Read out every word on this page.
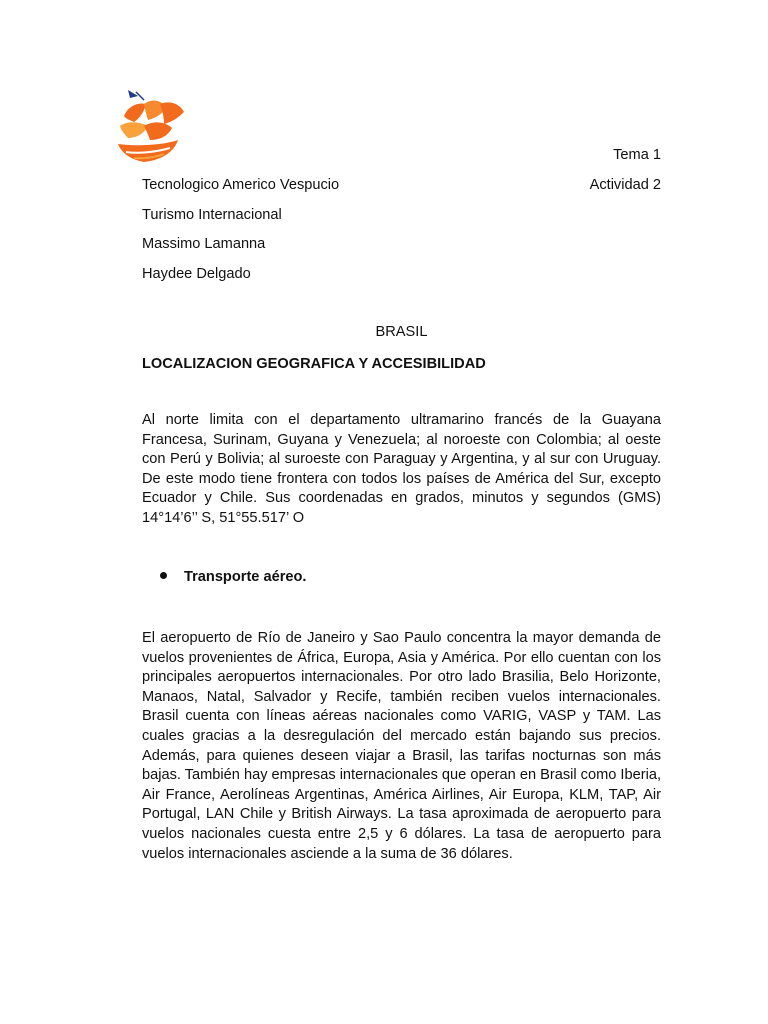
Tema 1
Tecnologico Americo Vespucio	Actividad 2
Turismo Internacional
Massimo Lamanna
Haydee Delgado
BRASIL
LOCALIZACION GEOGRAFICA Y ACCESIBILIDAD
Al norte limita con el departamento ultramarino francés de la Guayana Francesa, Surinam, Guyana y Venezuela; al noroeste con Colombia; al oeste con Perú y Bolivia; al suroeste con Paraguay y Argentina, y al sur con Uruguay. De este modo tiene frontera con todos los países de América del Sur, excepto Ecuador y Chile. Sus coordenadas en grados, minutos y segundos (GMS) 14°14’6’’ S, 51°55.517’ O
Transporte aéreo.
El aeropuerto de Río de Janeiro y Sao Paulo concentra la mayor demanda de vuelos provenientes de África, Europa, Asia y América. Por ello cuentan con los principales aeropuertos internacionales. Por otro lado Brasilia, Belo Horizonte, Manaos, Natal, Salvador y Recife, también reciben vuelos internacionales. Brasil cuenta con líneas aéreas nacionales como VARIG, VASP y TAM. Las cuales gracias a la desregulación del mercado están bajando sus precios. Además, para quienes deseen viajar a Brasil, las tarifas nocturnas son más bajas. También hay empresas internacionales que operan en Brasil como Iberia, Air France, Aerolíneas Argentinas, América Airlines, Air Europa, KLM, TAP, Air Portugal, LAN Chile y British Airways. La tasa aproximada de aeropuerto para vuelos nacionales cuesta entre 2,5 y 6 dólares. La tasa de aeropuerto para vuelos internacionales asciende a la suma de 36 dólares.
